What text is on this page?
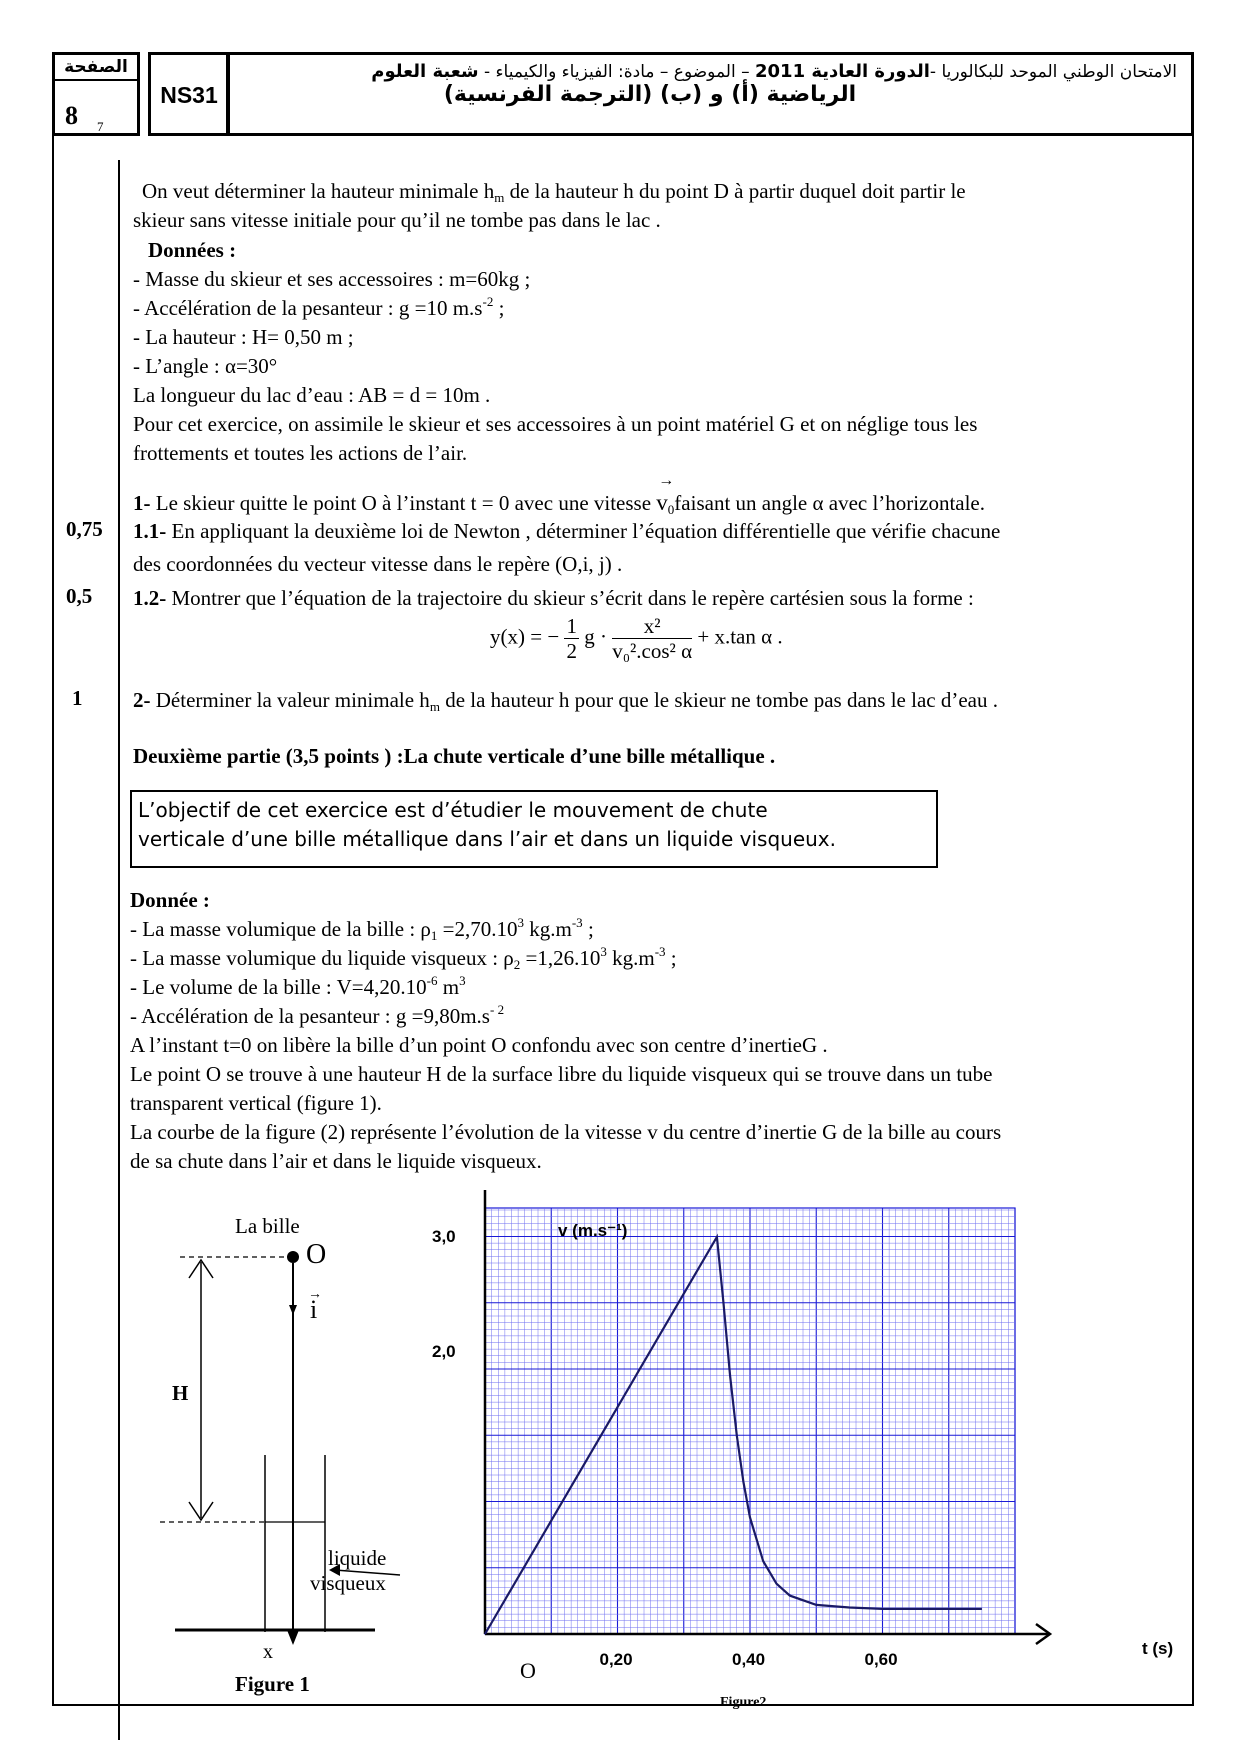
الصفحة
8 7
NS31
الامتحان الوطني الموحد للبكالوريا -الدورة العادية 2011 – الموضوع – مادة: الفيزياء والكيمياء - شعبة العلوم
الرياضية (أ) و (ب) (الترجمة الفرنسية)
On veut déterminer la hauteur minimale $h_m$ de la hauteur h du point D à partir duquel doit partir le
skieur sans vitesse initiale pour qu’il ne tombe pas dans le lac .
Données :
- Masse du skieur et ses accessoires : m=60kg ;
- Accélération de la pesanteur : g =10 $m.s^{-2}$ ;
- La hauteur : H= 0,50 m ;
- L’angle : α=30°
La longueur du lac d’eau : AB = d = 10m .
Pour cet exercice, on assimile le skieur et ses accessoires à un point matériel G et on néglige tous les
frottements et toutes les actions de l’air.
1- Le skieur quitte le point O à l’instant t = 0 avec une vitesse
→
$v_0faisant$ un angle α avec l’horizontale.
0,75 1.1- En appliquant la deuxième loi de Newton , déterminer l’équation différentielle que vérifie chacune
des coordonnées du vecteur vitesse dans le repère (O,i, j) .
0,5 1.2- Montrer que l’équation de la trajectoire du skieur s’écrit dans le repère cartésien sous la forme :
y(x) = − $\frac{1}{2}$ $g \cdot \frac{\text{x²}}{\text{v₀².cos² α}} + x.\tan$ α .
1 2- Déterminer la valeur minimale $h_m$ de la hauteur h pour que le skieur ne tombe pas dans le lac d’eau .
Deuxième partie (3,5 points ) :La chute verticale d’une bille métallique .
L’objectif de cet exercice est d’étudier le mouvement de chute
verticale d’une bille métallique dans l’air et dans un liquide visqueux.
Donnée :
- La masse volumique de la bille : $\rho_1 =2,70.10^3$ $kg.m^{-3}$ ;
- La masse volumique du liquide visqueux : $\rho_2 =1,26.10^3$ $kg.m^{-3}$ ;
- Le volume de la bille : $V=4,20.10^{-6}$ $m^3$
- Accélération de la pesanteur : $g =9,80m.s^{- 2}$
A l’instant t=0 on libère la bille d’un point O confondu avec son centre d’inertieG .
Le point O se trouve à une hauteur H de la surface libre du liquide visqueux qui se trouve dans un tube
transparent vertical (figure 1).
La courbe de la figure (2) représente l’évolution de la vitesse v du centre d’inertie G de la bille au cours
de sa chute dans l’air et dans le liquide visqueux.
La bille
O
H
i
→
liquide
visqueux
x
Figure 1
0,20	0,40	0,60
2,0
3,0	v (m.s⁻¹)
t (s)
O
Figure2
